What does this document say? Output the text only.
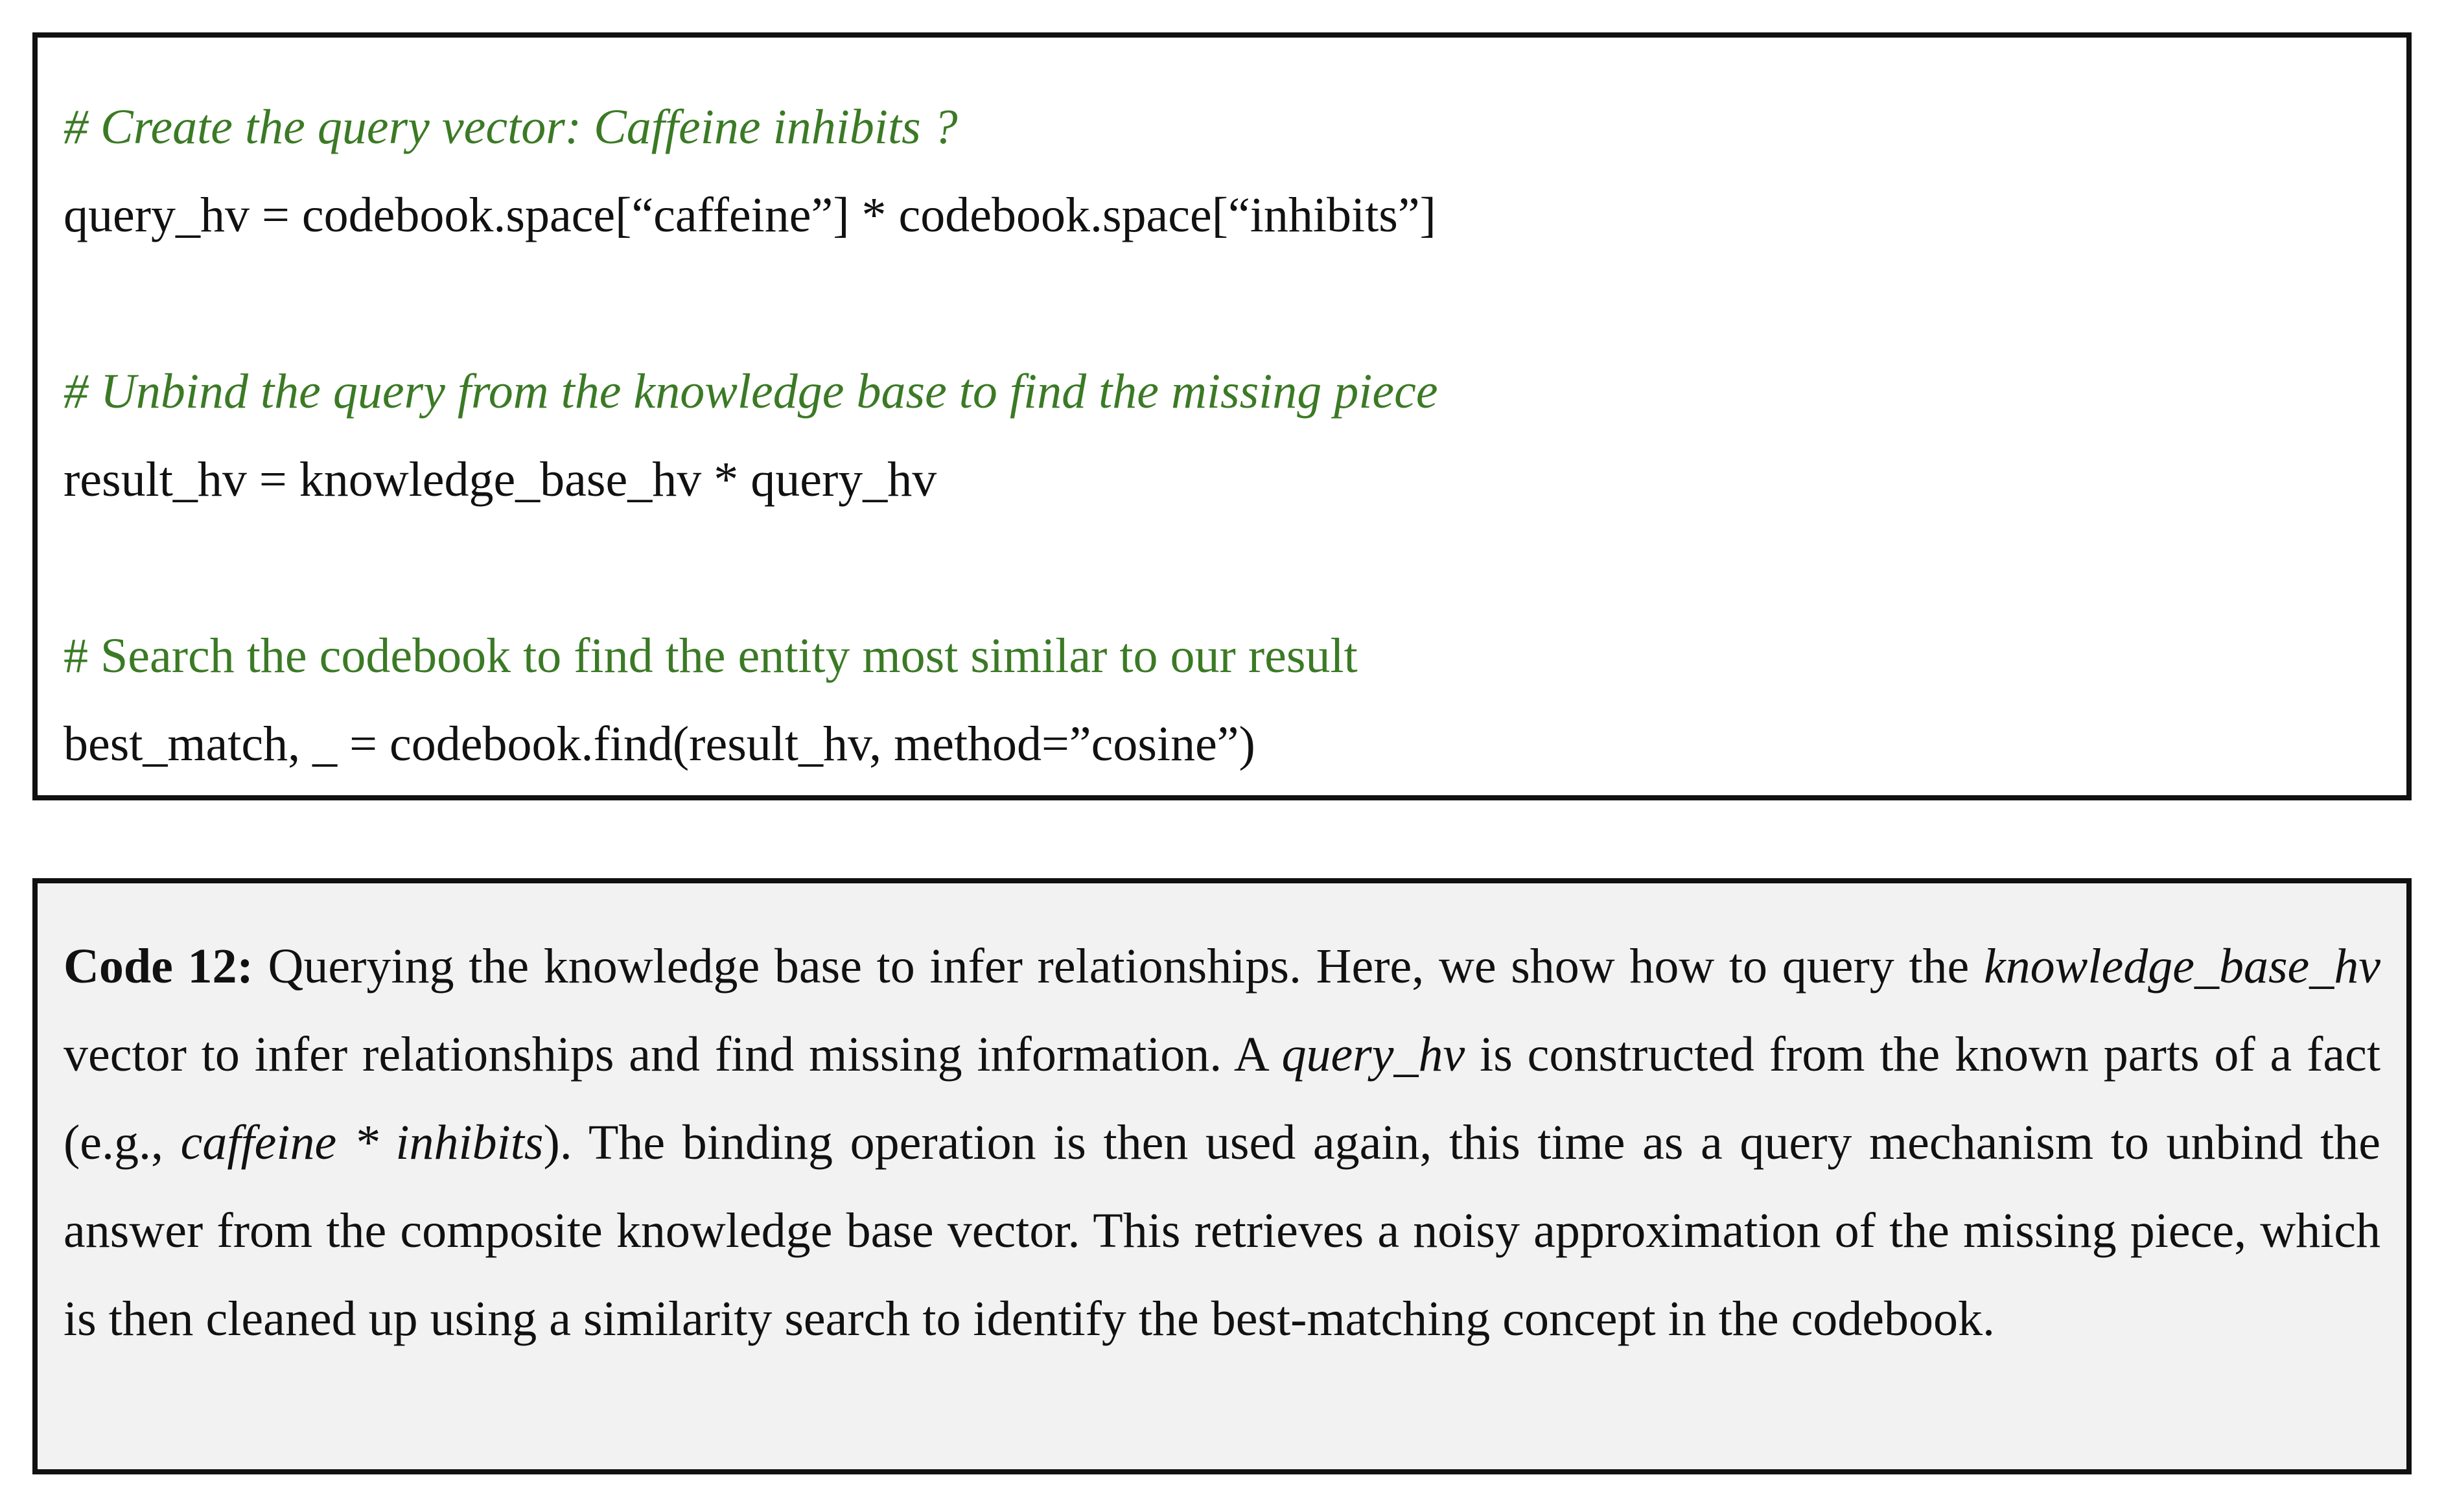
# Create the query vector: Caffeine inhibits ?
query_hv = codebook.space[“caffeine”] * codebook.space[“inhibits”]
# Unbind the query from the knowledge base to find the missing piece
result_hv = knowledge_base_hv * query_hv
# Search the codebook to find the entity most similar to our result
best_match, _ = codebook.find(result_hv, method=”cosine”)

Code 12: Querying the knowledge base to infer relationships. Here, we show how to query the knowledge_base_hv vector to infer relationships and find missing information. A query_hv is constructed from the known parts of a fact (e.g., caffeine * inhibits). The binding operation is then used again, this time as a query mechanism to unbind the answer from the composite knowledge base vector. This retrieves a noisy approximation of the missing piece, which is then cleaned up using a similarity search to identify the best-matching concept in the codebook.
